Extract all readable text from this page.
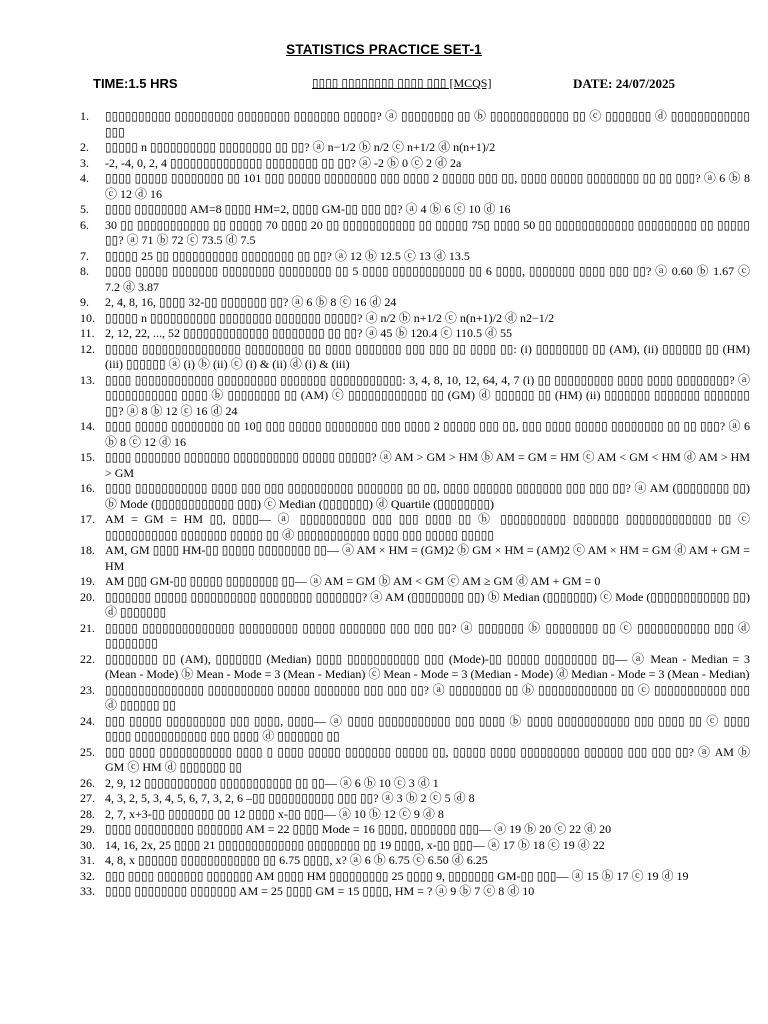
STATISTICS PRACTICE SET-1
TIME:1.5 HRS	▯▯▯▯ ▯▯▯▯▯▯▯▯ ▯▯▯▯ ▯▯▯ [MCQS]	DATE: 24/07/2025
1.	▯▯▯▯▯▯▯▯▯▯ ▯▯▯▯▯▯▯▯▯ ▯▯▯▯▯▯▯▯ ▯▯▯▯▯▯▯ ▯▯▯▯▯? ⓐ ▯▯▯▯▯▯▯▯ ▯▯ ⓑ ▯▯▯▯▯▯▯▯▯▯▯▯ ▯▯ ⓒ ▯▯▯▯▯▯▯ ⓓ ▯▯▯▯▯▯▯▯▯▯▯▯ ▯▯▯
2.	▯▯▯▯▯ n ▯▯▯▯▯▯▯▯▯▯ ▯▯▯▯▯▯▯▯ ▯▯ ▯▯? ⓐ n−1/2 ⓑ n/2 ⓒ n+1/2 ⓓ n(n+1)/2
3.	-2, -4, 0, 2, 4 ▯▯▯▯▯▯▯▯▯▯▯▯▯▯ ▯▯▯▯▯▯▯▯ ▯▯ ▯▯? ⓐ -2 ⓑ 0 ⓒ 2 ⓓ 2a
4.	▯▯▯▯ ▯▯▯▯▯ ▯▯▯▯▯▯▯▯ ▯▯ 101 ▯▯▯ ▯▯▯▯▯ ▯▯▯▯▯▯▯▯ ▯▯▯ ▯▯▯▯ 2 ▯▯▯▯▯ ▯▯▯ ▯▯, ▯▯▯▯ ▯▯▯▯▯ ▯▯▯▯▯▯▯▯ ▯▯ ▯▯ ▯▯▯? ⓐ 6 ⓑ 8 ⓒ 12 ⓓ 16
5.	▯▯▯▯ ▯▯▯▯▯▯▯▯ AM=8 ▯▯▯▯ HM=2, ▯▯▯▯ GM-▯▯ ▯▯▯ ▯▯? ⓐ 4 ⓑ 6 ⓒ 10 ⓓ 16
6.	30 ▯▯ ▯▯▯▯▯▯▯▯▯▯▯ ▯▯ ▯▯▯▯▯ 70 ▯▯▯▯ 20 ▯▯ ▯▯▯▯▯▯▯▯▯▯▯ ▯▯ ▯▯▯▯▯ 75▯ ▯▯▯▯ 50 ▯▯ ▯▯▯▯▯▯▯▯▯▯▯▯ ▯▯▯▯▯▯▯▯▯ ▯▯ ▯▯▯▯▯ ▯▯? ⓐ 71 ⓑ 72 ⓒ 73.5 ⓓ 7.5
7.	▯▯▯▯▯ 25 ▯▯ ▯▯▯▯▯▯▯▯▯▯ ▯▯▯▯▯▯▯▯ ▯▯ ▯▯? ⓐ 12 ⓑ 12.5 ⓒ 13 ⓓ 13.5
8.	▯▯▯▯ ▯▯▯▯▯ ▯▯▯▯▯▯▯ ▯▯▯▯▯▯▯▯ ▯▯▯▯▯▯▯▯ ▯▯ 5 ▯▯▯▯ ▯▯▯▯▯▯▯▯▯▯▯ ▯▯ 6 ▯▯▯▯, ▯▯▯▯▯▯▯ ▯▯▯▯ ▯▯▯ ▯▯? ⓐ 0.60 ⓑ 1.67 ⓒ 7.2 ⓓ 3.87
9.	2, 4, 8, 16, ▯▯▯▯ 32-▯▯ ▯▯▯▯▯▯▯ ▯▯? ⓐ 6 ⓑ 8 ⓒ 16 ⓓ 24
10. ▯▯▯▯▯ n ▯▯▯▯▯▯▯▯▯▯ ▯▯▯▯▯▯▯▯ ▯▯▯▯▯▯▯ ▯▯▯▯▯? ⓐ n/2 ⓑ n+1/2 ⓒ n(n+1)/2 ⓓ n2−1/2
11. 2, 12, 22, ..., 52 ▯▯▯▯▯▯▯▯▯▯▯▯▯ ▯▯▯▯▯▯▯▯ ▯▯ ▯▯? ⓐ 45 ⓑ 120.4 ⓒ 110.5 ⓓ 55
12. ▯▯▯▯▯ ▯▯▯▯▯▯▯▯▯▯▯▯▯▯▯ ▯▯▯▯▯▯▯▯▯ ▯▯ ▯▯▯▯ ▯▯▯▯▯▯▯ ▯▯▯ ▯▯▯ ▯▯ ▯▯▯▯ ▯▯: (i) ▯▯▯▯▯▯▯▯ ▯▯ (AM), (ii) ▯▯▯▯▯▯ ▯▯ (HM) (iii) ▯▯▯▯▯▯ ⓐ (i) ⓑ (ii) ⓒ (i) & (ii) ⓓ (i) & (iii)
13. ▯▯▯▯ ▯▯▯▯▯▯▯▯▯▯▯▯ ▯▯▯▯▯▯▯▯▯ ▯▯▯▯▯▯▯ ▯▯▯▯▯▯▯▯▯▯▯: 3, 4, 8, 10, 12, 64, 4, 7 (i) ▯▯ ▯▯▯▯▯▯▯▯▯ ▯▯▯▯ ▯▯▯▯ ▯▯▯▯▯▯▯▯? ⓐ ▯▯▯▯▯▯▯▯▯▯▯ ▯▯▯▯ ⓑ ▯▯▯▯▯▯▯▯ ▯▯ (AM) ⓒ ▯▯▯▯▯▯▯▯▯▯▯▯ ▯▯ (GM) ⓓ ▯▯▯▯▯▯ ▯▯ (HM) (ii) ▯▯▯▯▯▯▯ ▯▯▯▯▯▯▯ ▯▯▯▯▯▯▯ ▯▯? ⓐ 8 ⓑ 12 ⓒ 16 ⓓ 24
14. ▯▯▯▯ ▯▯▯▯▯ ▯▯▯▯▯▯▯▯ ▯▯ 10▯ ▯▯▯ ▯▯▯▯▯ ▯▯▯▯▯▯▯▯ ▯▯▯ ▯▯▯▯ 2 ▯▯▯▯▯ ▯▯▯ ▯▯, ▯▯▯ ▯▯▯▯ ▯▯▯▯▯ ▯▯▯▯▯▯▯▯ ▯▯ ▯▯ ▯▯▯? ⓐ 6 ⓑ 8 ⓒ 12 ⓓ 16
15. ▯▯▯▯ ▯▯▯▯▯▯▯ ▯▯▯▯▯▯▯ ▯▯▯▯▯▯▯▯▯▯ ▯▯▯▯▯ ▯▯▯▯▯? ⓐ AM > GM > HM ⓑ AM = GM = HM ⓒ AM < GM < HM ⓓ AM > HM > GM
16. ▯▯▯▯ ▯▯▯▯▯▯▯▯▯▯▯ ▯▯▯▯ ▯▯▯ ▯▯▯ ▯▯▯▯▯▯▯▯▯▯ ▯▯▯▯▯▯▯ ▯▯ ▯▯, ▯▯▯▯ ▯▯▯▯▯▯ ▯▯▯▯▯▯▯ ▯▯▯ ▯▯▯ ▯▯? ⓐ AM (▯▯▯▯▯▯▯▯ ▯▯) ⓑ Mode (▯▯▯▯▯▯▯▯▯▯▯▯ ▯▯▯) ⓒ Median (▯▯▯▯▯▯▯) ⓓ Quartile (▯▯▯▯▯▯▯▯)
17. AM = GM = HM ▯▯, ▯▯▯▯— ⓐ ▯▯▯▯▯▯▯▯▯▯ ▯▯▯ ▯▯▯ ▯▯▯▯ ▯▯ ⓑ ▯▯▯▯▯▯▯▯▯▯ ▯▯▯▯▯▯▯ ▯▯▯▯▯▯▯▯▯▯▯▯▯ ▯▯ ⓒ ▯▯▯▯▯▯▯▯▯▯▯ ▯▯▯▯▯▯▯ ▯▯▯▯▯ ▯▯ ⓓ ▯▯▯▯▯▯▯▯▯▯▯ ▯▯▯▯ ▯▯▯ ▯▯▯▯▯ ▯▯▯▯▯
18. AM, GM ▯▯▯▯ HM-▯▯ ▯▯▯▯▯ ▯▯▯▯▯▯▯▯ ▯▯— ⓐ AM × HM = (GM)2 ⓑ GM × HM = (AM)2 ⓒ AM × HM = GM ⓓ AM + GM = HM
19. AM ▯▯▯ GM-▯▯ ▯▯▯▯▯ ▯▯▯▯▯▯▯▯ ▯▯— ⓐ AM = GM ⓑ AM < GM ⓒ AM ≥ GM ⓓ AM + GM = 0
20. ▯▯▯▯▯▯▯ ▯▯▯▯▯ ▯▯▯▯▯▯▯▯▯▯ ▯▯▯▯▯▯▯▯ ▯▯▯▯▯▯▯? ⓐ AM (▯▯▯▯▯▯▯▯ ▯▯) ⓑ Median (▯▯▯▯▯▯▯) ⓒ Mode (▯▯▯▯▯▯▯▯▯▯▯▯ ▯▯) ⓓ ▯▯▯▯▯▯▯
21. ▯▯▯▯▯ ▯▯▯▯▯▯▯▯▯▯▯▯▯▯ ▯▯▯▯▯▯▯▯▯ ▯▯▯▯▯ ▯▯▯▯▯▯▯ ▯▯▯ ▯▯▯ ▯▯? ⓐ ▯▯▯▯▯▯▯ ⓑ ▯▯▯▯▯▯▯▯ ▯▯ ⓒ ▯▯▯▯▯▯▯▯▯▯▯ ▯▯▯ ⓓ ▯▯▯▯▯▯▯▯
22. ▯▯▯▯▯▯▯▯ ▯▯ (AM), ▯▯▯▯▯▯▯ (Median) ▯▯▯▯ ▯▯▯▯▯▯▯▯▯▯▯ ▯▯▯ (Mode)-▯▯ ▯▯▯▯▯ ▯▯▯▯▯▯▯▯ ▯▯— ⓐ Mean - Median = 3 (Mean - Mode) ⓑ Mean - Mode = 3 (Mean - Median) ⓒ Mean - Mode = 3 (Median - Mode) ⓓ Median - Mode = 3 (Mean - Median)
23. ▯▯▯▯▯▯▯▯▯▯▯▯▯▯▯ ▯▯▯▯▯▯▯▯▯▯ ▯▯▯▯▯ ▯▯▯▯▯▯▯ ▯▯▯ ▯▯▯ ▯▯? ⓐ ▯▯▯▯▯▯▯▯ ▯▯ ⓑ ▯▯▯▯▯▯▯▯▯▯▯▯ ▯▯ ⓒ ▯▯▯▯▯▯▯▯▯▯▯ ▯▯▯ ⓓ ▯▯▯▯▯▯ ▯▯
24. ▯▯▯ ▯▯▯▯▯ ▯▯▯▯▯▯▯▯▯ ▯▯▯ ▯▯▯▯, ▯▯▯▯— ⓐ ▯▯▯▯ ▯▯▯▯▯▯▯▯▯▯▯ ▯▯▯ ▯▯▯▯ ⓑ ▯▯▯▯ ▯▯▯▯▯▯▯▯▯▯▯ ▯▯▯ ▯▯▯▯ ▯▯ ⓒ ▯▯▯▯ ▯▯▯▯ ▯▯▯▯▯▯▯▯▯▯▯ ▯▯▯ ▯▯▯▯ ⓓ ▯▯▯▯▯▯▯ ▯▯
25. ▯▯▯ ▯▯▯▯ ▯▯▯▯▯▯▯▯▯▯▯ ▯▯▯▯ ▯ ▯▯▯▯ ▯▯▯▯▯ ▯▯▯▯▯▯▯ ▯▯▯▯▯ ▯▯, ▯▯▯▯▯ ▯▯▯▯ ▯▯▯▯▯▯▯▯▯ ▯▯▯▯▯▯ ▯▯▯ ▯▯▯ ▯▯? ⓐ AM ⓑ GM ⓒ HM ⓓ ▯▯▯▯▯▯▯ ▯▯
26. 2, 9, 12 ▯▯▯▯▯▯▯▯▯▯▯ ▯▯▯▯▯▯▯▯▯▯▯ ▯▯ ▯▯— ⓐ 6 ⓑ 10 ⓒ 3 ⓓ 1
27. 4, 3, 2, 5, 3, 4, 5, 6, 7, 3, 2, 6 –▯▯ ▯▯▯▯▯▯▯▯▯▯ ▯▯▯ ▯▯? ⓐ 3 ⓑ 2 ⓒ 5 ⓓ 8
28. 2, 7, x+3-▯▯ ▯▯▯▯▯▯▯ ▯▯ 12 ▯▯▯▯ x-▯▯ ▯▯▯— ⓐ 10 ⓑ 12 ⓒ 9 ⓓ 8
29. ▯▯▯▯ ▯▯▯▯▯▯▯▯▯ ▯▯▯▯▯▯▯ AM = 22 ▯▯▯▯ Mode = 16 ▯▯▯▯, ▯▯▯▯▯▯▯ ▯▯▯— ⓐ 19 ⓑ 20 ⓒ 22 ⓓ 20
30. 14, 16, 2x, 25 ▯▯▯▯ 21 ▯▯▯▯▯▯▯▯▯▯▯▯▯ ▯▯▯▯▯▯▯▯ ▯▯ 19 ▯▯▯▯, x-▯▯ ▯▯▯— ⓐ 17 ⓑ 18 ⓒ 19 ⓓ 22
31. 4, 8, x ▯▯▯▯▯▯ ▯▯▯▯▯▯▯▯▯▯▯▯ ▯▯ 6.75 ▯▯▯▯, x? ⓐ 6 ⓑ 6.75 ⓒ 6.50 ⓓ 6.25
32. ▯▯▯ ▯▯▯▯ ▯▯▯▯▯▯▯ ▯▯▯▯▯▯▯ AM ▯▯▯▯ HM ▯▯▯▯▯▯▯▯▯ 25 ▯▯▯▯ 9, ▯▯▯▯▯▯▯ GM-▯▯ ▯▯▯— ⓐ 15 ⓑ 17 ⓒ 19 ⓓ 19
33. ▯▯▯▯ ▯▯▯▯▯▯▯▯ ▯▯▯▯▯▯▯ AM = 25 ▯▯▯▯ GM = 15 ▯▯▯▯, HM = ? ⓐ 9 ⓑ 7 ⓒ 8 ⓓ 10
